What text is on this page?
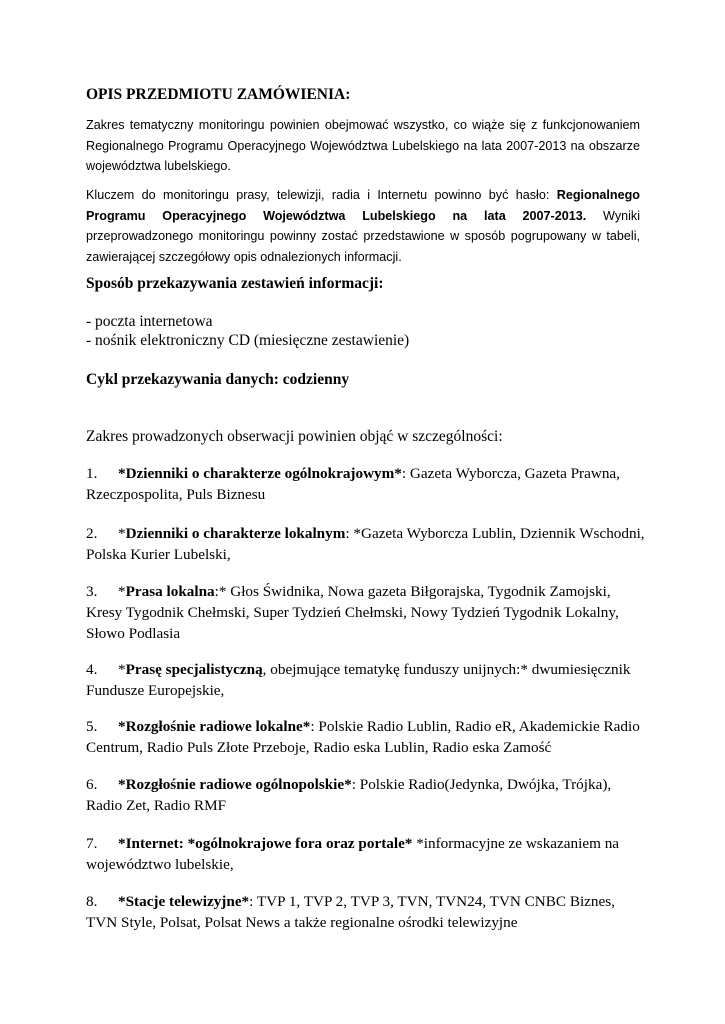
OPIS PRZEDMIOTU ZAMÓWIENIA:

Zakres tematyczny monitoringu powinien obejmować wszystko, co wiąże się z funkcjonowaniem Regionalnego Programu Operacyjnego Województwa Lubelskiego na lata 2007-2013 na obszarze województwa lubelskiego.

Kluczem do monitoringu prasy, telewizji, radia i Internetu powinno być hasło: Regionalnego Programu Operacyjnego Województwa Lubelskiego na lata 2007-2013. Wyniki przeprowadzonego monitoringu powinny zostać przedstawione w sposób pogrupowany w tabeli, zawierającej szczegółowy opis odnalezionych informacji.

Sposób przekazywania zestawień informacji:

- poczta internetowa

- nośnik elektroniczny CD (miesięczne zestawienie)

Cykl przekazywania danych: codzienny

Zakres prowadzonych obserwacji powinien objąć w szczególności:

1. *Dzienniki o charakterze ogólnokrajowym*: Gazeta Wyborcza, Gazeta Prawna, Rzeczpospolita, Puls Biznesu

2. *Dzienniki o charakterze lokalnym: *Gazeta Wyborcza Lublin, Dziennik Wschodni, Polska Kurier Lubelski,

3. *Prasa lokalna:* Głos Świdnika, Nowa gazeta Biłgorajska, Tygodnik Zamojski, Kresy Tygodnik Chełmski, Super Tydzień Chełmski, Nowy Tydzień Tygodnik Lokalny, Słowo Podlasia

4. *Prasę specjalistyczną, obejmujące tematykę funduszy unijnych:* dwumiesięcznik Fundusze Europejskie,

5. *Rozgłośnie radiowe lokalne*: Polskie Radio Lublin, Radio eR, Akademickie Radio Centrum, Radio Puls Złote Przeboje, Radio eska Lublin, Radio eska Zamość

6. *Rozgłośnie radiowe ogólnopolskie*: Polskie Radio(Jedynka, Dwójka, Trójka), Radio Zet, Radio RMF

7. *Internet: *ogólnokrajowe fora oraz portale* *informacyjne ze wskazaniem na województwo lubelskie,

8. *Stacje telewizyjne*: TVP 1, TVP 2, TVP 3, TVN, TVN24, TVN CNBC Biznes, TVN Style, Polsat, Polsat News a także regionalne ośrodki telewizyjne
